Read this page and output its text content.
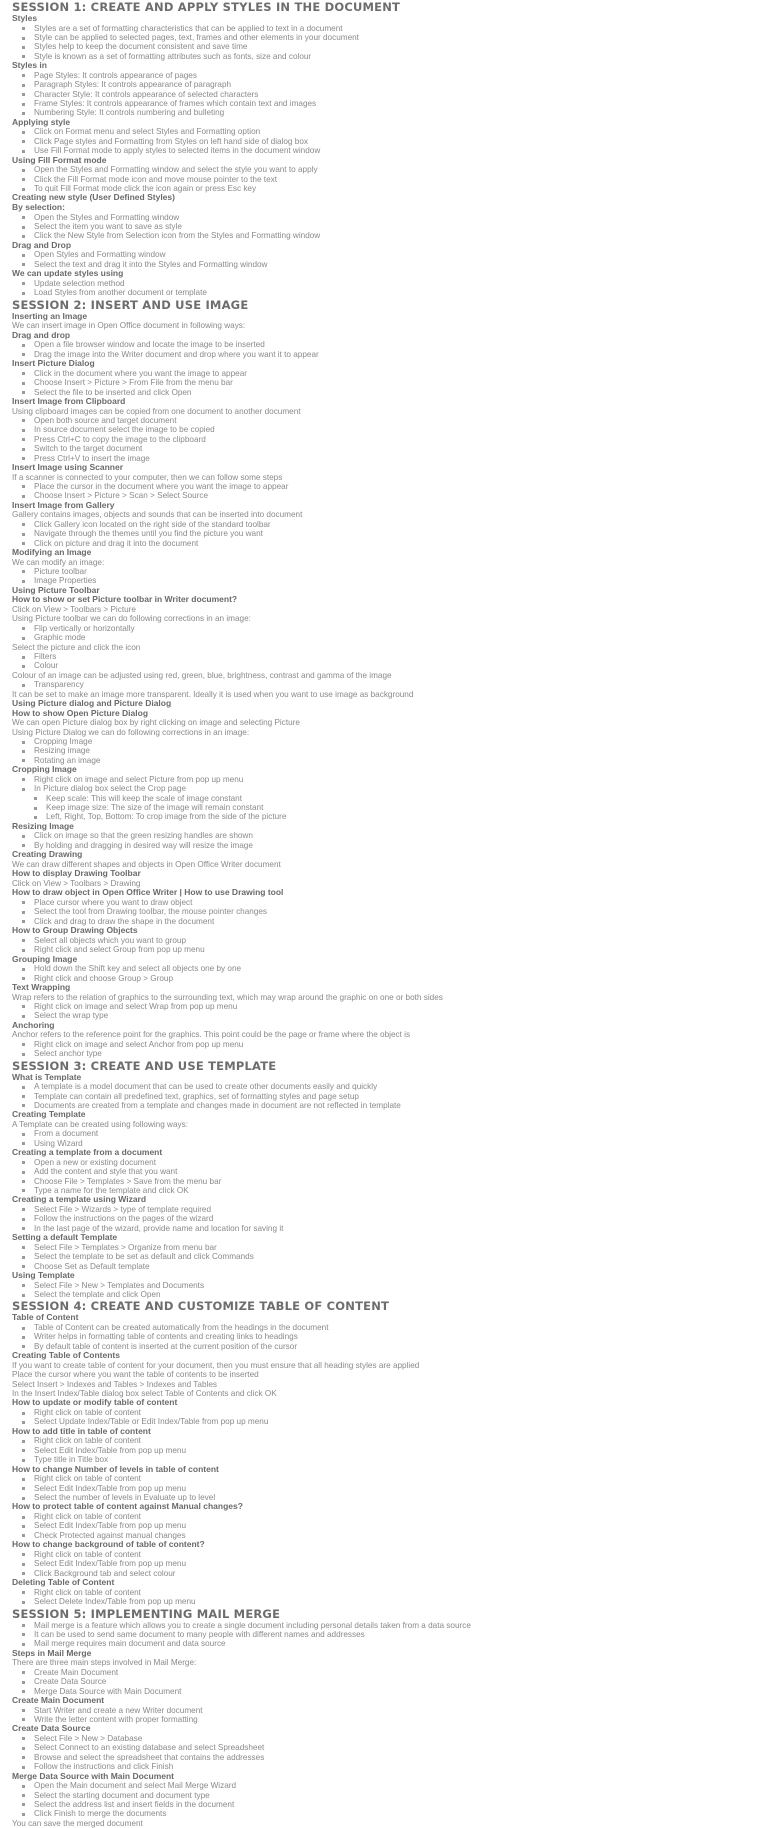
SESSION 1: CREATE AND APPLY STYLES IN THE DOCUMENT
Styles
Styles are a set of formatting characteristics that can be applied to text in a document
Style can be applied to selected pages, text, frames and other elements in your document
Styles help to keep the document consistent and save time
Style is known as a set of formatting attributes such as fonts, size and colour
Styles in
Page Styles: It controls appearance of pages
Paragraph Styles: It controls appearance of paragraph
Character Style: It controls appearance of selected characters
Frame Styles: It controls appearance of frames which contain text and images
Numbering Style: It controls numbering and bulleting
Applying style
Click on Format menu and select Styles and Formatting option
Click Page styles and Formatting from Styles on left hand side of dialog box
Use Fill Format mode to apply styles to selected items in the document window
Using Fill Format mode
Open the Styles and Formatting window and select the style you want to apply
Click the Fill Format mode icon and move mouse pointer to the text
To quit Fill Format mode click the icon again or press Esc key
Creating new style (User Defined Styles)
By selection:
Open the Styles and Formatting window
Select the item you want to save as style
Click the New Style from Selection icon from the Styles and Formatting window
Drag and Drop
Open Styles and Formatting window
Select the text and drag it into the Styles and Formatting window
We can update styles using
Update selection method
Load Styles from another document or template
SESSION 2: INSERT AND USE IMAGE
Inserting an Image
We can insert image in Open Office document in following ways:
Drag and drop
Open a file browser window and locate the image to be inserted
Drag the image into the Writer document and drop where you want it to appear
Insert Picture Dialog
Click in the document where you want the image to appear
Choose Insert > Picture > From File from the menu bar
Select the file to be inserted and click Open
Insert Image from Clipboard
Using clipboard images can be copied from one document to another document
Open both source and target document
In source document select the image to be copied
Press Ctrl+C to copy the image to the clipboard
Switch to the target document
Press Ctrl+V to insert the image
Insert Image using Scanner
If a scanner is connected to your computer, then we can follow some steps
Place the cursor in the document where you want the image to appear
Choose Insert > Picture > Scan > Select Source
Insert Image from Gallery
Gallery contains images, objects and sounds that can be inserted into document
Click Gallery icon located on the right side of the standard toolbar
Navigate through the themes until you find the picture you want
Click on picture and drag it into the document
Modifying an Image
We can modify an image:
Picture toolbar
Image Properties
Using Picture Toolbar
How to show or set Picture toolbar in Writer document?
Click on View > Toolbars > Picture
Using Picture toolbar we can do following corrections in an image:
Flip vertically or horizontally
Graphic mode
Select the picture and click the icon
Filters
Colour
Colour of an image can be adjusted using red, green, blue, brightness, contrast and gamma of the image
Transparency
It can be set to make an image more transparent. Ideally it is used when you want to use image as background
Using Picture dialog and Picture Dialog
How to show Open Picture Dialog
We can open Picture dialog box by right clicking on image and selecting Picture
Using Picture Dialog we can do following corrections in an image:
Cropping Image
Resizing image
Rotating an image
Cropping Image
Right click on image and select Picture from pop up menu
In Picture dialog box select the Crop page
Keep scale: This will keep the scale of image constant
Keep image size: The size of the image will remain constant
Left, Right, Top, Bottom: To crop image from the side of the picture
Resizing Image
Click on image so that the green resizing handles are shown
By holding and dragging in desired way will resize the image
Creating Drawing
We can draw different shapes and objects in Open Office Writer document
How to display Drawing Toolbar
Click on View > Toolbars > Drawing
How to draw object in Open Office Writer | How to use Drawing tool
Place cursor where you want to draw object
Select the tool from Drawing toolbar, the mouse pointer changes
Click and drag to draw the shape in the document
How to Group Drawing Objects
Select all objects which you want to group
Right click and select Group from pop up menu
Grouping Image
Hold down the Shift key and select all objects one by one
Right click and choose Group > Group
Text Wrapping
Wrap refers to the relation of graphics to the surrounding text, which may wrap around the graphic on one or both sides
Right click on image and select Wrap from pop up menu
Select the wrap type
Anchoring
Anchor refers to the reference point for the graphics. This point could be the page or frame where the object is
Right click on image and select Anchor from pop up menu
Select anchor type
SESSION 3: CREATE AND USE TEMPLATE
What is Template
A template is a model document that can be used to create other documents easily and quickly
Template can contain all predefined text, graphics, set of formatting styles and page setup
Documents are created from a template and changes made in document are not reflected in template
Creating Template
A Template can be created using following ways:
From a document
Using Wizard
Creating a template from a document
Open a new or existing document
Add the content and style that you want
Choose File > Templates > Save from the menu bar
Type a name for the template and click OK
Creating a template using Wizard
Select File > Wizards > type of template required
Follow the instructions on the pages of the wizard
In the last page of the wizard, provide name and location for saving it
Setting a default Template
Select File > Templates > Organize from menu bar
Select the template to be set as default and click Commands
Choose Set as Default template
Using Template
Select File > New > Templates and Documents
Select the template and click Open
SESSION 4: CREATE AND CUSTOMIZE TABLE OF CONTENT
Table of Content
Table of Content can be created automatically from the headings in the document
Writer helps in formatting table of contents and creating links to headings
By default table of content is inserted at the current position of the cursor
Creating Table of Contents
If you want to create table of content for your document, then you must ensure that all heading styles are applied
Place the cursor where you want the table of contents to be inserted
Select Insert > Indexes and Tables > Indexes and Tables
In the Insert Index/Table dialog box select Table of Contents and click OK
How to update or modify table of content
Right click on table of content
Select Update Index/Table or Edit Index/Table from pop up menu
How to add title in table of content
Right click on table of content
Select Edit Index/Table from pop up menu
Type title in Title box
How to change Number of levels in table of content
Right click on table of content
Select Edit Index/Table from pop up menu
Select the number of levels in Evaluate up to level
How to protect table of content against Manual changes?
Right click on table of content
Select Edit Index/Table from pop up menu
Check Protected against manual changes
How to change background of table of content?
Right click on table of content
Select Edit Index/Table from pop up menu
Click Background tab and select colour
Deleting Table of Content
Right click on table of content
Select Delete Index/Table from pop up menu
SESSION 5: IMPLEMENTING MAIL MERGE
Mail merge is a feature which allows you to create a single document including personal details taken from a data source
It can be used to send same document to many people with different names and addresses
Mail merge requires main document and data source
Steps in Mail Merge
There are three main steps involved in Mail Merge:
Create Main Document
Create Data Source
Merge Data Source with Main Document
Create Main Document
Start Writer and create a new Writer document
Write the letter content with proper formatting
Create Data Source
Select File > New > Database
Select Connect to an existing database and select Spreadsheet
Browse and select the spreadsheet that contains the addresses
Follow the instructions and click Finish
Merge Data Source with Main Document
Open the Main document and select Mail Merge Wizard
Select the starting document and document type
Select the address list and insert fields in the document
Click Finish to merge the documents
You can save the merged document
